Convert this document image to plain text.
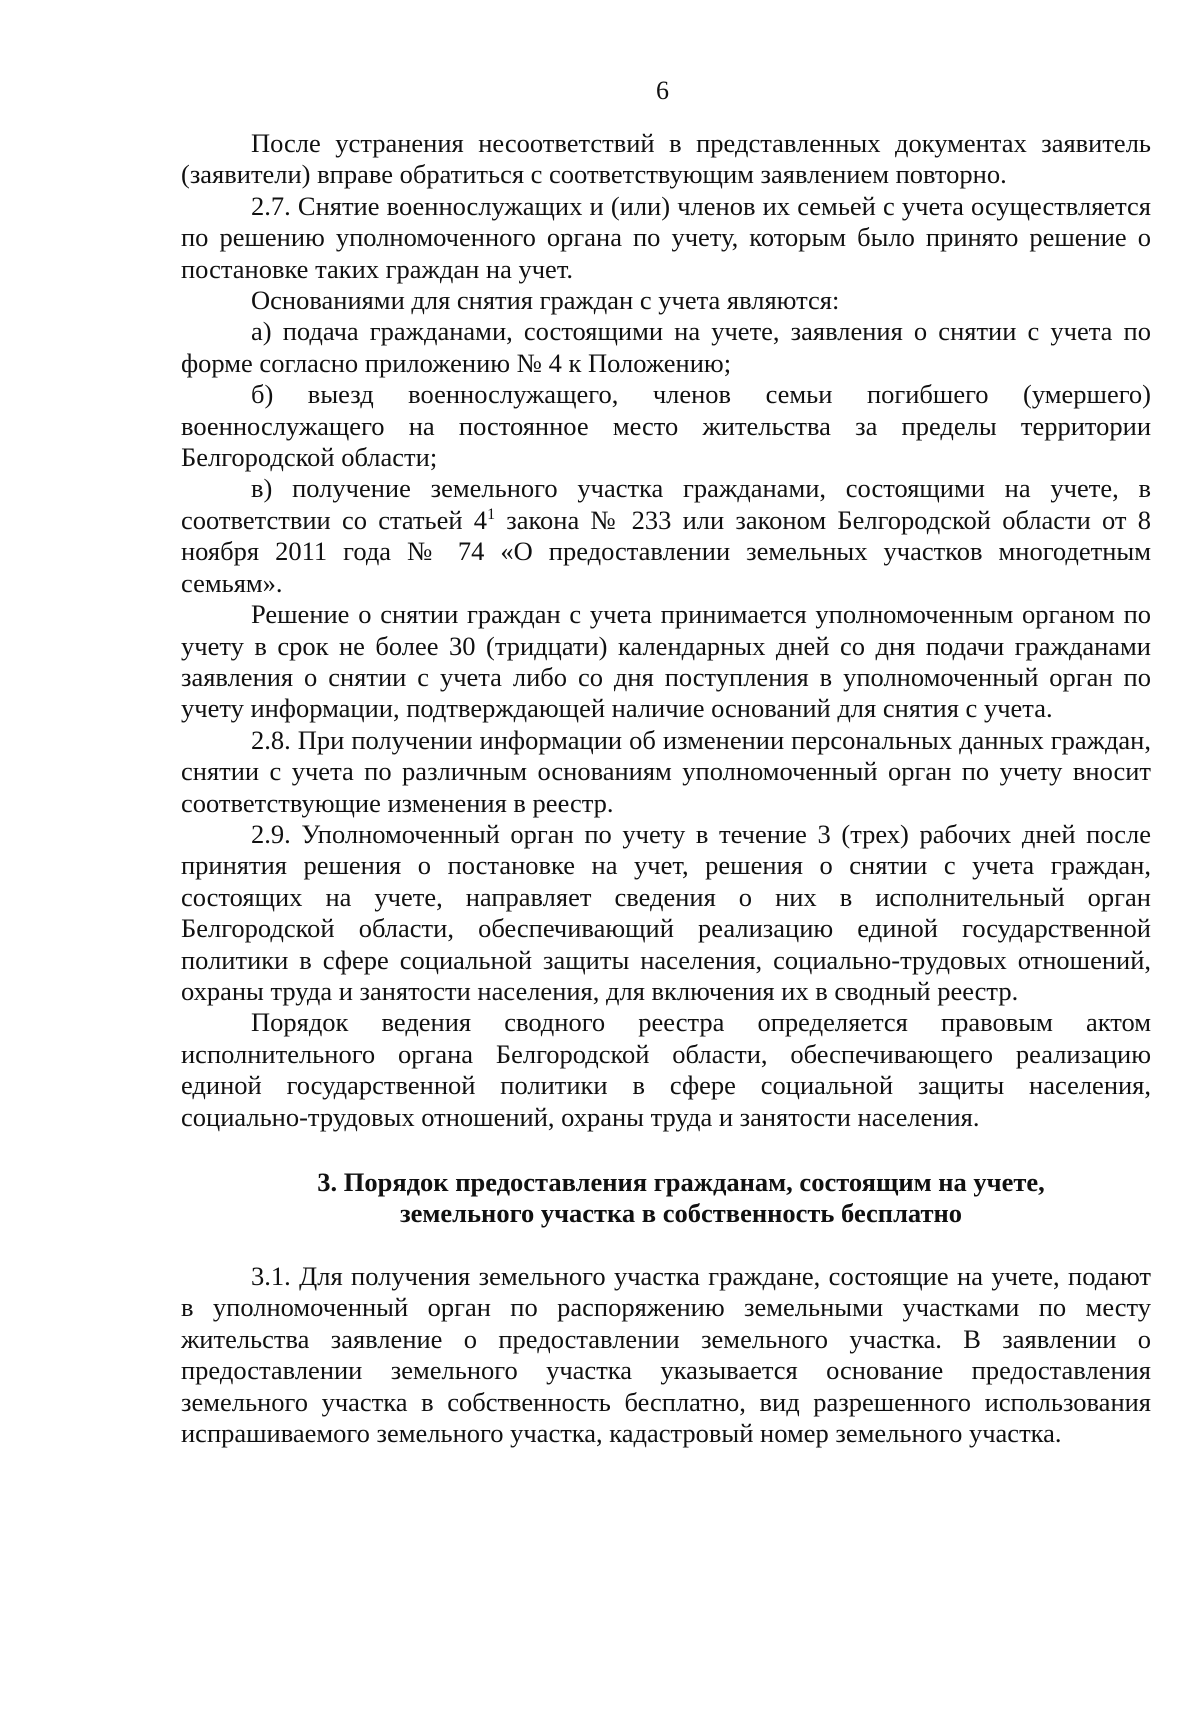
6

После устранения несоответствий в представленных документах заявитель (заявители) вправе обратиться с соответствующим заявлением повторно.

2.7. Снятие военнослужащих и (или) членов их семьей с учета осуществляется по решению уполномоченного органа по учету, которым было принято решение о постановке таких граждан на учет.

Основаниями для снятия граждан с учета являются:

а) подача гражданами, состоящими на учете, заявления о снятии с учета по форме согласно приложению № 4 к Положению;

б) выезд военнослужащего, членов семьи погибшего (умершего) военнослужащего на постоянное место жительства за пределы территории Белгородской области;

в) получение земельного участка гражданами, состоящими на учете, в соответствии со статьей $4^1$ закона № 233 или законом Белгородской области от 8 ноября 2011 года № 74 «О предоставлении земельных участков многодетным семьям».

Решение о снятии граждан с учета принимается уполномоченным органом по учету в срок не более 30 (тридцати) календарных дней со дня подачи гражданами заявления о снятии с учета либо со дня поступления в уполномоченный орган по учету информации, подтверждающей наличие оснований для снятия с учета.

2.8. При получении информации об изменении персональных данных граждан, снятии с учета по различным основаниям уполномоченный орган по учету вносит соответствующие изменения в реестр.

2.9. Уполномоченный орган по учету в течение 3 (трех) рабочих дней после принятия решения о постановке на учет, решения о снятии с учета граждан, состоящих на учете, направляет сведения о них в исполнительный орган Белгородской области, обеспечивающий реализацию единой государственной политики в сфере социальной защиты населения, социально-трудовых отношений, охраны труда и занятости населения, для включения их в сводный реестр.

Порядок ведения сводного реестра определяется правовым актом исполнительного органа Белгородской области, обеспечивающего реализацию единой государственной политики в сфере социальной защиты населения, социально-трудовых отношений, охраны труда и занятости населения.

3. Порядок предоставления гражданам, состоящим на учете,
земельного участка в собственность бесплатно

3.1. Для получения земельного участка граждане, состоящие на учете, подают в уполномоченный орган по распоряжению земельными участками по месту жительства заявление о предоставлении земельного участка. В заявлении о предоставлении земельного участка указывается основание предоставления земельного участка в собственность бесплатно, вид разрешенного использования испрашиваемого земельного участка, кадастровый номер земельного участка.
